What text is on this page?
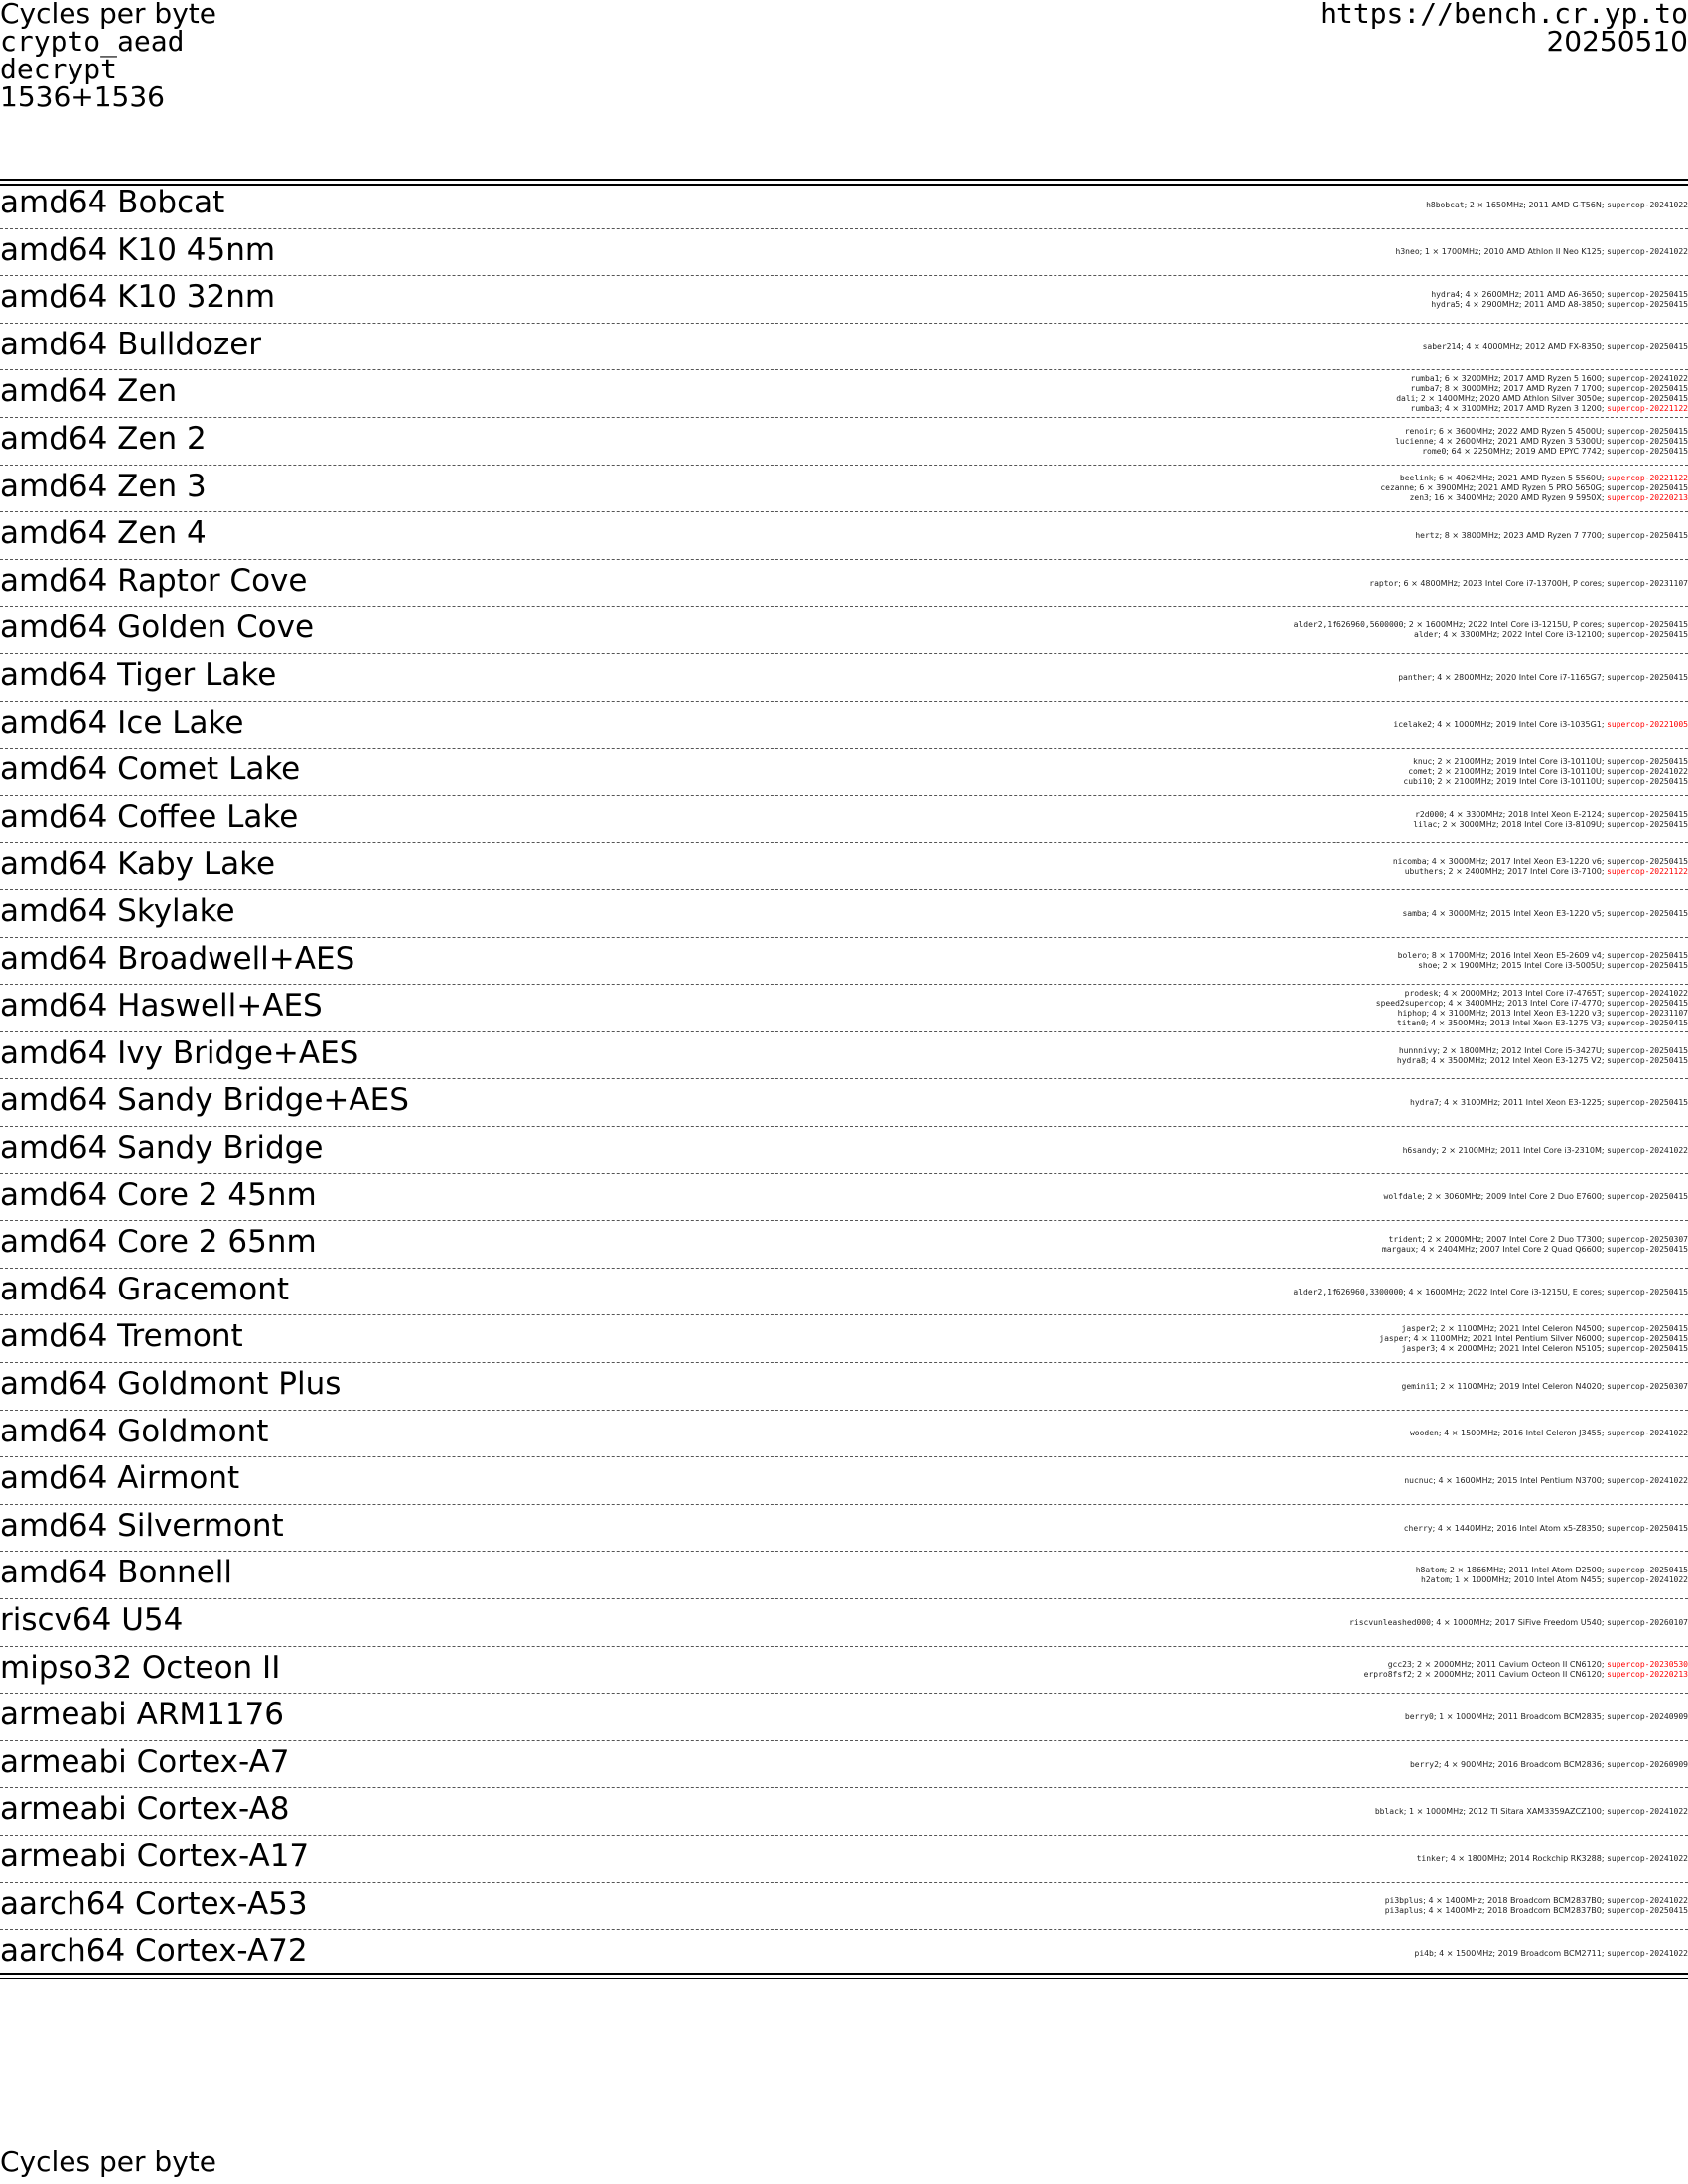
Cycles per byte
crypto_aead
decrypt
1536+1536
https://bench.cr.yp.to
20250510
amd64 Bobcat	h8bobcat; 2 × 1650MHz; 2011 AMD G-T56N; supercop-20241022
amd64 K10 45nm	h3neo; 1 × 1700MHz; 2010 AMD Athlon II Neo K125; supercop-20241022
amd64 K10 32nm	hydra4; 4 × 2600MHz; 2011 AMD A6-3650; supercop-20250415
hydra5; 4 × 2900MHz; 2011 AMD A8-3850; supercop-20250415
amd64 Bulldozer	saber214; 4 × 4000MHz; 2012 AMD FX-8350; supercop-20250415
amd64 Zen	rumba1; 6 × 3200MHz; 2017 AMD Ryzen 5 1600; supercop-20241022
rumba7; 8 × 3000MHz; 2017 AMD Ryzen 7 1700; supercop-20250415
dali; 2 × 1400MHz; 2020 AMD Athlon Silver 3050e; supercop-20250415
rumba3; 4 × 3100MHz; 2017 AMD Ryzen 3 1200; supercop-20221122
amd64 Zen 2	renoir; 6 × 3600MHz; 2022 AMD Ryzen 5 4500U; supercop-20250415
lucienne; 4 × 2600MHz; 2021 AMD Ryzen 3 5300U; supercop-20250415
rome0; 64 × 2250MHz; 2019 AMD EPYC 7742; supercop-20250415
amd64 Zen 3	beelink; 6 × 4062MHz; 2021 AMD Ryzen 5 5560U; supercop-20221122
cezanne; 6 × 3900MHz; 2021 AMD Ryzen 5 PRO 5650G; supercop-20250415
zen3; 16 × 3400MHz; 2020 AMD Ryzen 9 5950X; supercop-20220213
amd64 Zen 4	hertz; 8 × 3800MHz; 2023 AMD Ryzen 7 7700; supercop-20250415
amd64 Raptor Cove	raptor; 6 × 4800MHz; 2023 Intel Core i7-13700H, P cores; supercop-20231107
amd64 Golden Cove	alder2,1f626960,5600000; 2 × 1600MHz; 2022 Intel Core i3-1215U, P cores; supercop-20250415
alder; 4 × 3300MHz; 2022 Intel Core i3-12100; supercop-20250415
amd64 Tiger Lake	panther; 4 × 2800MHz; 2020 Intel Core i7-1165G7; supercop-20250415
amd64 Ice Lake	icelake2; 4 × 1000MHz; 2019 Intel Core i3-1035G1; supercop-20221005
amd64 Comet Lake	knuc; 2 × 2100MHz; 2019 Intel Core i3-10110U; supercop-20250415
comet; 2 × 2100MHz; 2019 Intel Core i3-10110U; supercop-20241022
cubi10; 2 × 2100MHz; 2019 Intel Core i3-10110U; supercop-20250415
amd64 Coffee Lake	r2d000; 4 × 3300MHz; 2018 Intel Xeon E-2124; supercop-20250415
lilac; 2 × 3000MHz; 2018 Intel Core i3-8109U; supercop-20250415
amd64 Kaby Lake	nicomba; 4 × 3000MHz; 2017 Intel Xeon E3-1220 v6; supercop-20250415
ubuthers; 2 × 2400MHz; 2017 Intel Core i3-7100; supercop-20221122
amd64 Skylake	samba; 4 × 3000MHz; 2015 Intel Xeon E3-1220 v5; supercop-20250415
amd64 Broadwell+AES	bolero; 8 × 1700MHz; 2016 Intel Xeon E5-2609 v4; supercop-20250415
shoe; 2 × 1900MHz; 2015 Intel Core i3-5005U; supercop-20250415
amd64 Haswell+AES	prodesk; 4 × 2000MHz; 2013 Intel Core i7-4765T; supercop-20241022
speed2supercop; 4 × 3400MHz; 2013 Intel Core i7-4770; supercop-20250415
hiphop; 4 × 3100MHz; 2013 Intel Xeon E3-1220 v3; supercop-20231107
titan0; 4 × 3500MHz; 2013 Intel Xeon E3-1275 V3; supercop-20250415
amd64 Ivy Bridge+AES	hunnnivy; 2 × 1800MHz; 2012 Intel Core i5-3427U; supercop-20250415
hydra8; 4 × 3500MHz; 2012 Intel Xeon E3-1275 V2; supercop-20250415
amd64 Sandy Bridge+AES	hydra7; 4 × 3100MHz; 2011 Intel Xeon E3-1225; supercop-20250415
amd64 Sandy Bridge	h6sandy; 2 × 2100MHz; 2011 Intel Core i3-2310M; supercop-20241022
amd64 Core 2 45nm	wolfdale; 2 × 3060MHz; 2009 Intel Core 2 Duo E7600; supercop-20250415
amd64 Core 2 65nm	trident; 2 × 2000MHz; 2007 Intel Core 2 Duo T7300; supercop-20250307
margaux; 4 × 2404MHz; 2007 Intel Core 2 Quad Q6600; supercop-20250415
amd64 Gracemont	alder2,1f626960,3300000; 4 × 1600MHz; 2022 Intel Core i3-1215U, E cores; supercop-20250415
amd64 Tremont	jasper2; 2 × 1100MHz; 2021 Intel Celeron N4500; supercop-20250415
jasper; 4 × 1100MHz; 2021 Intel Pentium Silver N6000; supercop-20250415
jasper3; 4 × 2000MHz; 2021 Intel Celeron N5105; supercop-20250415
amd64 Goldmont Plus	gemini1; 2 × 1100MHz; 2019 Intel Celeron N4020; supercop-20250307
amd64 Goldmont	wooden; 4 × 1500MHz; 2016 Intel Celeron J3455; supercop-20241022
amd64 Airmont	nucnuc; 4 × 1600MHz; 2015 Intel Pentium N3700; supercop-20241022
amd64 Silvermont	cherry; 4 × 1440MHz; 2016 Intel Atom x5-Z8350; supercop-20250415
amd64 Bonnell	h8atom; 2 × 1866MHz; 2011 Intel Atom D2500; supercop-20250415
h2atom; 1 × 1000MHz; 2010 Intel Atom N455; supercop-20241022
riscv64 U54	riscvunleashed000; 4 × 1000MHz; 2017 SiFive Freedom U540; supercop-20260107
mipso32 Octeon II	gcc23; 2 × 2000MHz; 2011 Cavium Octeon II CN6120; supercop-20230530
erpro8fsf2; 2 × 2000MHz; 2011 Cavium Octeon II CN6120; supercop-20220213
armeabi ARM1176	berry0; 1 × 1000MHz; 2011 Broadcom BCM2835; supercop-20240909
armeabi Cortex-A7	berry2; 4 × 900MHz; 2016 Broadcom BCM2836; supercop-20260909
armeabi Cortex-A8	bblack; 1 × 1000MHz; 2012 TI Sitara XAM3359AZCZ100; supercop-20241022
armeabi Cortex-A17	tinker; 4 × 1800MHz; 2014 Rockchip RK3288; supercop-20241022
aarch64 Cortex-A53	pi3bplus; 4 × 1400MHz; 2018 Broadcom BCM2837B0; supercop-20241022
pi3aplus; 4 × 1400MHz; 2018 Broadcom BCM2837B0; supercop-20250415
aarch64 Cortex-A72	pi4b; 4 × 1500MHz; 2019 Broadcom BCM2711; supercop-20241022
Cycles per byte
